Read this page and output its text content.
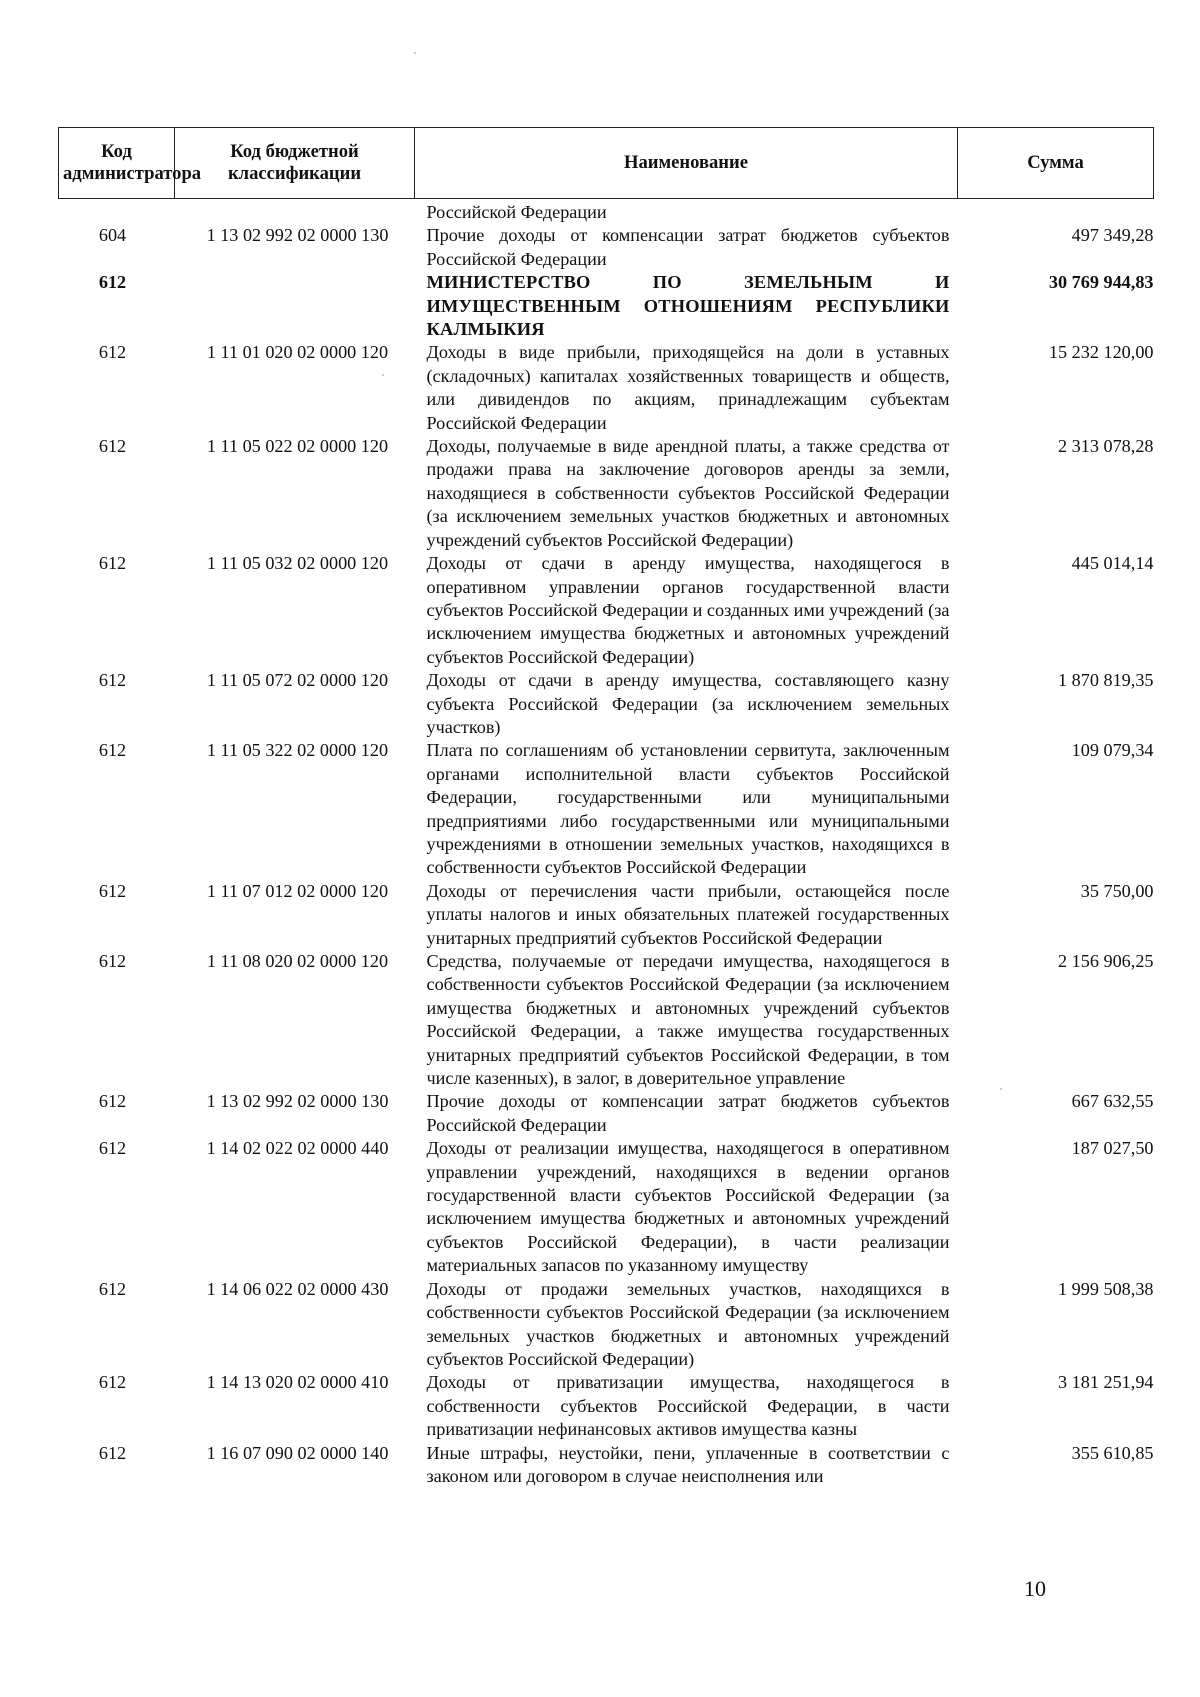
Код администратора	Код бюджетной классификации	Наименование	Сумма
		Российской Федерации	
604	1 13 02 992 02 0000 130	Прочие доходы от компенсации затрат бюджетов субъектов Российской Федерации	497 349,28
612		МИНИСТЕРСТВО ПО ЗЕМЕЛЬНЫМ И ИМУЩЕСТВЕННЫМ ОТНОШЕНИЯМ РЕСПУБЛИКИ КАЛМЫКИЯ	30 769 944,83
612	1 11 01 020 02 0000 120	Доходы в виде прибыли, приходящейся на доли в уставных (складочных) капиталах хозяйственных товариществ и обществ, или дивидендов по акциям, принадлежащим субъектам Российской Федерации	15 232 120,00
612	1 11 05 022 02 0000 120	Доходы, получаемые в виде арендной платы, а также средства от продажи права на заключение договоров аренды за земли, находящиеся в собственности субъектов Российской Федерации (за исключением земельных участков бюджетных и автономных учреждений субъектов Российской Федерации)	2 313 078,28
612	1 11 05 032 02 0000 120	Доходы от сдачи в аренду имущества, находящегося в оперативном управлении органов государственной власти субъектов Российской Федерации и созданных ими учреждений (за исключением имущества бюджетных и автономных учреждений субъектов Российской Федерации)	445 014,14
612	1 11 05 072 02 0000 120	Доходы от сдачи в аренду имущества, составляющего казну субъекта Российской Федерации (за исключением земельных участков)	1 870 819,35
612	1 11 05 322 02 0000 120	Плата по соглашениям об установлении сервитута, заключенным органами исполнительной власти субъектов Российской Федерации, государственными или муниципальными предприятиями либо государственными или муниципальными учреждениями в отношении земельных участков, находящихся в собственности субъектов Российской Федерации	109 079,34
612	1 11 07 012 02 0000 120	Доходы от перечисления части прибыли, остающейся после уплаты налогов и иных обязательных платежей государственных унитарных предприятий субъектов Российской Федерации	35 750,00
612	1 11 08 020 02 0000 120	Средства, получаемые от передачи имущества, находящегося в собственности субъектов Российской Федерации (за исключением имущества бюджетных и автономных учреждений субъектов Российской Федерации, а также имущества государственных унитарных предприятий субъектов Российской Федерации, в том числе казенных), в залог, в доверительное управление	2 156 906,25
612	1 13 02 992 02 0000 130	Прочие доходы от компенсации затрат бюджетов субъектов Российской Федерации	667 632,55
612	1 14 02 022 02 0000 440	Доходы от реализации имущества, находящегося в оперативном управлении учреждений, находящихся в ведении органов государственной власти субъектов Российской Федерации (за исключением имущества бюджетных и автономных учреждений субъектов Российской Федерации), в части реализации материальных запасов по указанному имуществу	187 027,50
612	1 14 06 022 02 0000 430	Доходы от продажи земельных участков, находящихся в собственности субъектов Российской Федерации (за исключением земельных участков бюджетных и автономных учреждений субъектов Российской Федерации)	1 999 508,38
612	1 14 13 020 02 0000 410	Доходы от приватизации имущества, находящегося в собственности субъектов Российской Федерации, в части приватизации нефинансовых активов имущества казны	3 181 251,94
612	1 16 07 090 02 0000 140	Иные штрафы, неустойки, пени, уплаченные в соответствии с законом или договором в случае неисполнения или	355 610,85
10
